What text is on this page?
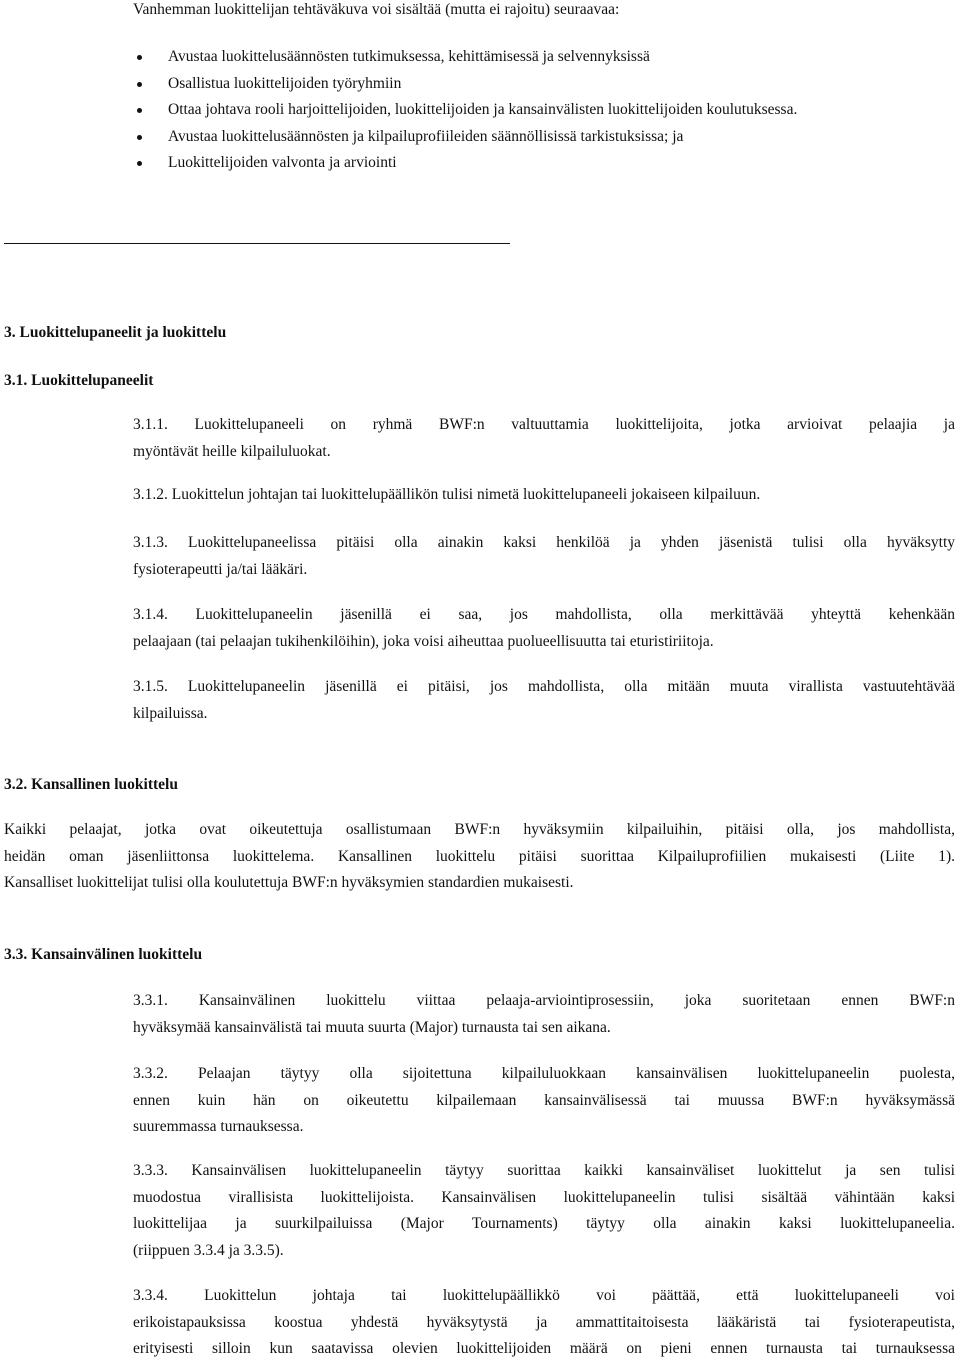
Vanhemman luokittelijan tehtäväkuva voi sisältää (mutta ei rajoitu) seuraavaa:

Avustaa luokittelusäännösten tutkimuksessa, kehittämisessä ja selvennyksissä
Osallistua luokittelijoiden työryhmiin
Ottaa johtava rooli harjoittelijoiden, luokittelijoiden ja kansainvälisten luokittelijoiden koulutuksessa.
Avustaa luokittelusäännösten ja kilpailuprofiileiden säännöllisissä tarkistuksissa; ja
Luokittelijoiden valvonta ja arviointi
3. Luokittelupaneelit ja luokittelu
3.1. Luokittelupaneelit
3.1.1. Luokittelupaneeli on ryhmä BWF:n valtuuttamia luokittelijoita, jotka arvioivat pelaajia ja
myöntävät heille kilpailuluokat.
3.1.2. Luokittelun johtajan tai luokittelupäällikön tulisi nimetä luokittelupaneeli jokaiseen kilpailuun.
3.1.3. Luokittelupaneelissa pitäisi olla ainakin kaksi henkilöä ja yhden jäsenistä tulisi olla hyväksytty
fysioterapeutti ja/tai lääkäri.
3.1.4. Luokittelupaneelin jäsenillä ei saa, jos mahdollista, olla merkittävää yhteyttä kehenkään
pelaajaan (tai pelaajan tukihenkilöihin), joka voisi aiheuttaa puolueellisuutta tai eturistiriitoja.
3.1.5. Luokittelupaneelin jäsenillä ei pitäisi, jos mahdollista, olla mitään muuta virallista vastuutehtävää
kilpailuissa.
3.2. Kansallinen luokittelu
Kaikki pelaajat, jotka ovat oikeutettuja osallistumaan BWF:n hyväksymiin kilpailuihin, pitäisi olla, jos mahdollista,
heidän oman jäsenliittonsa luokittelema. Kansallinen luokittelu pitäisi suorittaa Kilpailuprofiilien mukaisesti (Liite 1).
Kansalliset luokittelijat tulisi olla koulutettuja BWF:n hyväksymien standardien mukaisesti.
3.3. Kansainvälinen luokittelu
3.3.1. Kansainvälinen luokittelu viittaa pelaaja-arviointiprosessiin, joka suoritetaan ennen BWF:n
hyväksymää kansainvälistä tai muuta suurta (Major) turnausta tai sen aikana.
3.3.2. Pelaajan täytyy olla sijoitettuna kilpailuluokkaan kansainvälisen luokittelupaneelin puolesta,
ennen kuin hän on oikeutettu kilpailemaan kansainvälisessä tai muussa BWF:n hyväksymässä
suuremmassa turnauksessa.
3.3.3. Kansainvälisen luokittelupaneelin täytyy suorittaa kaikki kansainväliset luokittelut ja sen tulisi
muodostua virallisista luokittelijoista. Kansainvälisen luokittelupaneelin tulisi sisältää vähintään kaksi
luokittelijaa ja suurkilpailuissa (Major Tournaments) täytyy olla ainakin kaksi luokittelupaneelia.
(riippuen 3.3.4 ja 3.3.5).
3.3.4. Luokittelun johtaja tai luokittelupäällikkö voi päättää, että luokittelupaneeli voi
erikoistapauksissa koostua yhdestä hyväksytystä ja ammattitaitoisesta lääkäristä tai fysioterapeutista,
erityisesti silloin kun saatavissa olevien luokittelijoiden määrä on pieni ennen turnausta tai turnauksessa
